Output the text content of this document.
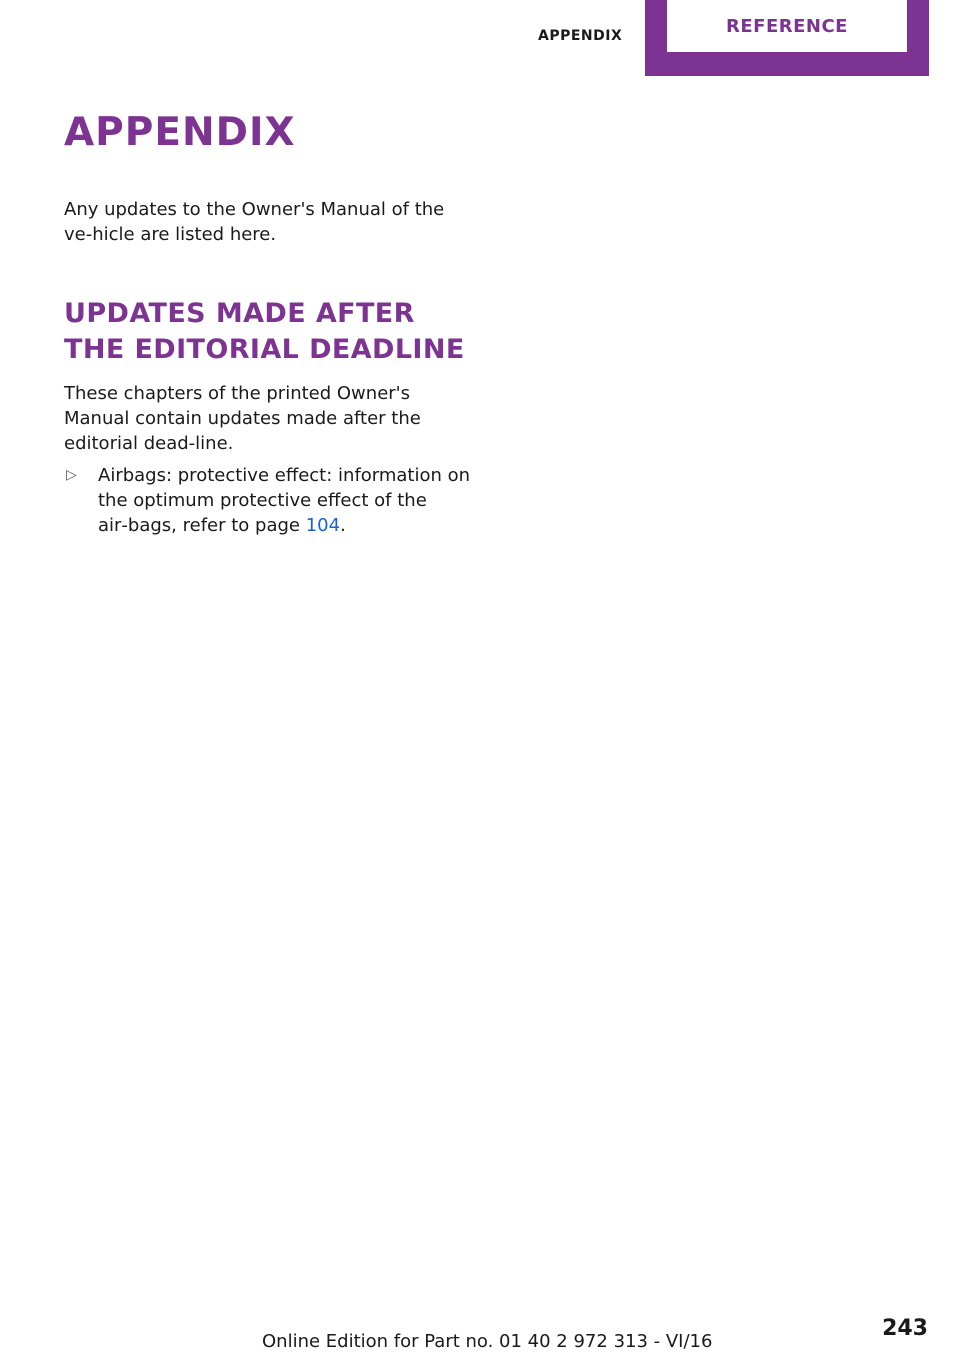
APPENDIX	REFERENCE
APPENDIX

Any updates to the Owner's Manual of the ve‑hicle are listed here.

UPDATES MADE AFTER THE EDITORIAL DEADLINE

These chapters of the printed Owner's Manual contain updates made after the editorial dead‑line.

▷ Airbags: protective effect: information on the optimum protective effect of the air‑bags, refer to page 104.
Online Edition for Part no. 01 40 2 972 313 - VI/16
243
